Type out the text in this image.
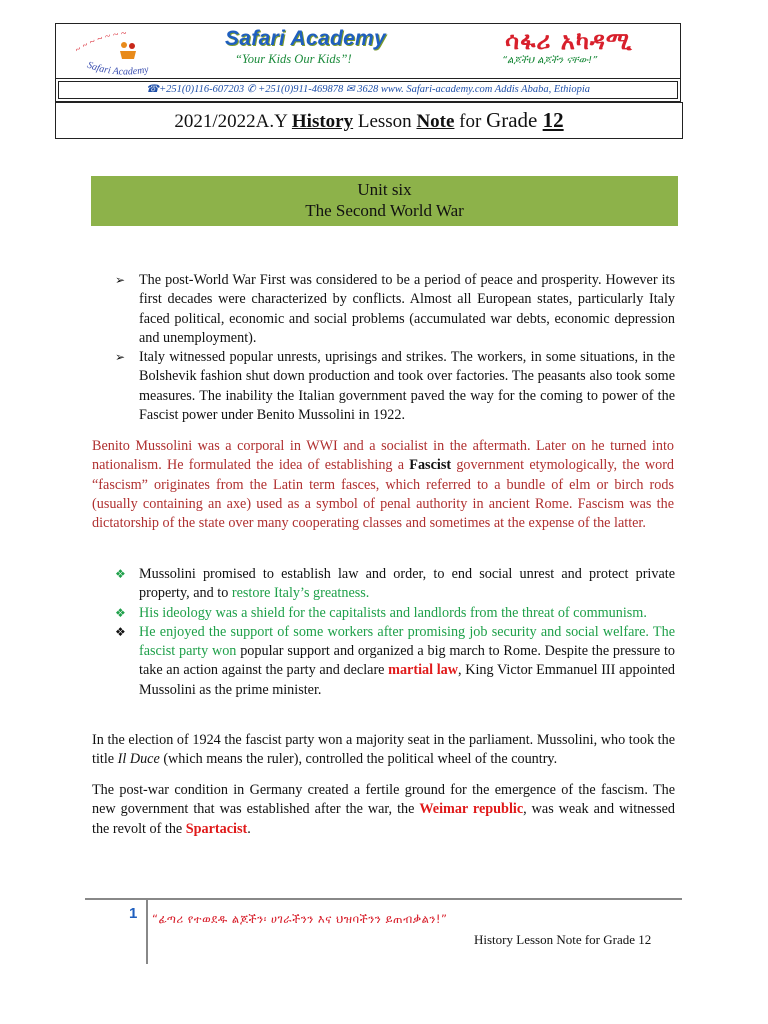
~ ~ ~ ~ ~ ~ ~
Safari Academy
Safari Academy
“Your Kids Our Kids”!
ሳፋሪ አካዳሚ
“ልጆችህ ልጆችን ናቸው!”
☎+251(0)116-607203 ✆ +251(0)911-469878 ✉ 3628 www. Safari-academy.com Addis Ababa, Ethiopia
2021/2022A.Y History Lesson Note for Grade 12
Unit six
The Second World War
➢ The post-World War First was considered to be a period of peace and prosperity. However its first decades were characterized by conflicts. Almost all European states, particularly Italy faced political, economic and social problems (accumulated war debts, economic depression and unemployment).
➢ Italy witnessed popular unrests, uprisings and strikes. The workers, in some situations, in the Bolshevik fashion shut down production and took over factories. The peasants also took some measures. The inability the Italian government paved the way for the coming to power of the Fascist power under Benito Mussolini in 1922.
Benito Mussolini was a corporal in WWI and a socialist in the aftermath. Later on he turned into nationalism. He formulated the idea of establishing a Fascist government etymologically, the word “fascism” originates from the Latin term fasces, which referred to a bundle of elm or birch rods (usually containing an axe) used as a symbol of penal authority in ancient Rome. Fascism was the dictatorship of the state over many cooperating classes and sometimes at the expense of the latter.
❖ Mussolini promised to establish law and order, to end social unrest and protect private property, and to restore Italy’s greatness.
❖ His ideology was a shield for the capitalists and landlords from the threat of communism.
❖ He enjoyed the support of some workers after promising job security and social welfare. The fascist party won popular support and organized a big march to Rome. Despite the pressure to take an action against the party and declare martial law, King Victor Emmanuel III appointed Mussolini as the prime minister.
In the election of 1924 the fascist party won a majority seat in the parliament. Mussolini, who took the title Il Duce (which means the ruler), controlled the political wheel of the country.
The post-war condition in Germany created a fertile ground for the emergence of the fascism. The new government that was established after the war, the Weimar republic, was weak and witnessed the revolt of the Spartacist.
1 “ፊጣሪ የተወደዱ ልጆችን፡ ሀገራችንን እና ህዝባችንን ይጠብቃልን!”
History Lesson Note for Grade 12
